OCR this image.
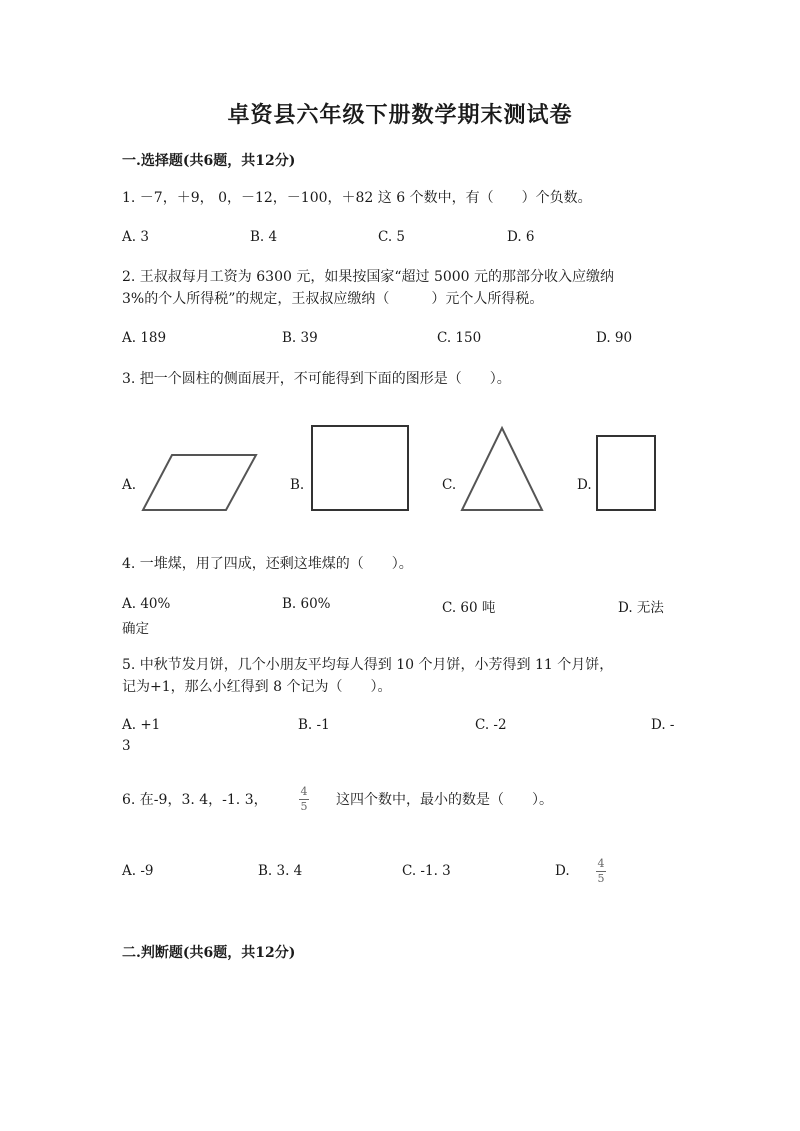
卓资县六年级下册数学期末测试卷
一.选择题(共6题，共12分)
1. －7，＋9， 0，－12，－100，＋82 这 6 个数中，有（　　）个负数。
A. 3	B. 4	C. 5	D. 6
2. 王叔叔每月工资为 6300 元，如果按国家“超过 5000 元的那部分收入应缴纳
3%的个人所得税”的规定，王叔叔应缴纳（　　　）元个人所得税。
A. 189	B. 39	C. 150	D. 90
3. 把一个圆柱的侧面展开，不可能得到下面的图形是（　　）。
A.	B.	C.	D.
4. 一堆煤，用了四成，还剩这堆煤的（　　）。
A. 40%	B. 60%	C. 60 吨	D. 无法
确定
5. 中秋节发月饼，几个小朋友平均每人得到 10 个月饼，小芳得到 11 个月饼，
记为+1，那么小红得到 8 个记为（　　）。
A. +1	B. -1	C. -2	D. -
3
6. 在-9，3. 4，-1. 3，
4
5 这四个数中，最小的数是（　　）。
A. -9	B. 3. 4	C. -1. 3	D.	4
5
二.判断题(共6题，共12分)
